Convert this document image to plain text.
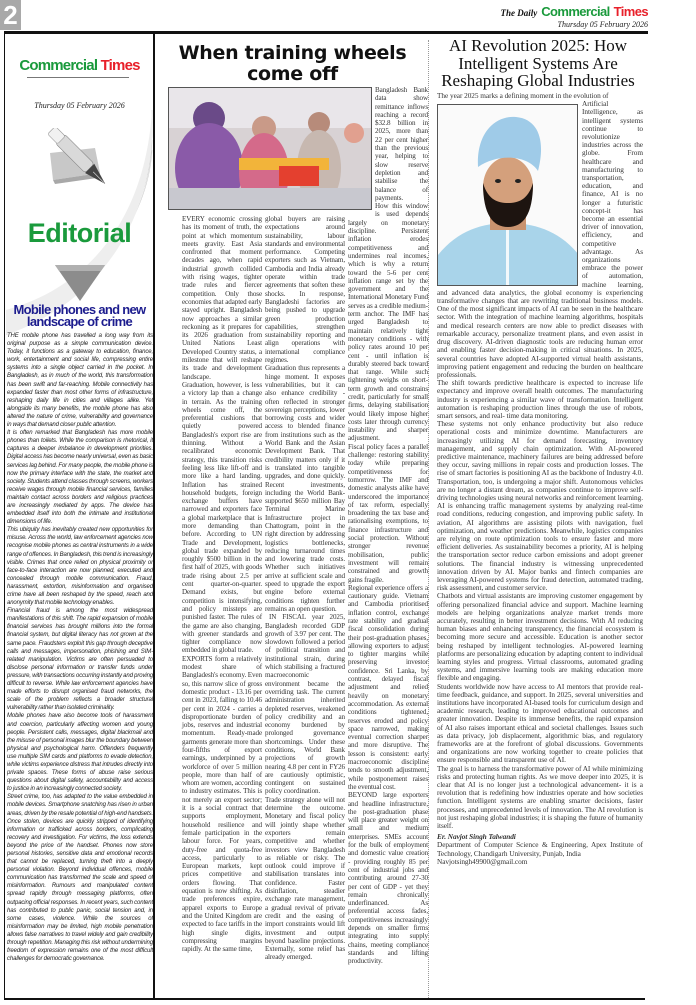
2	The Daily Commercial Times
Thursday 05 February 2026
Commercial Times
Thursday 05 February 2026
Editorial
Mobile phones and new landscape of crime

THE mobile phone has travelled a long way from its original purpose as a simple communication device. Today, it functions as a gateway to education, finance, work, entertainment and social life, compressing entire systems into a single object carried in the pocket. In Bangladesh, as in much of the world, this transformation has been swift and far-reaching. Mobile connectivity has expanded faster than most other forms of infrastructure, reshaping daily life in cities and villages alike. Yet alongside its many benefits, the mobile phone has also altered the nature of crime, vulnerability and governance in ways that demand closer public attention.

It is often remarked that Bangladesh has more mobile phones than toilets. While the comparison is rhetorical, it captures a deeper imbalance in development priorities. Digital access has become nearly universal, even as basic services lag behind. For many people, the mobile phone is now the primary interface with the state, the market and society. Students attend classes through screens, workers receive wages through mobile financial services, families maintain contact across borders and religious practices are increasingly mediated by apps. The device has embedded itself into both the intimate and institutional dimensions of life.

This ubiquity has inevitably created new opportunities for misuse. Across the world, law enforcement agencies now recognise mobile phones as central instruments in a wide range of offences. In Bangladesh, this trend is increasingly visible. Crimes that once relied on physical proximity or face-to-face interaction are now planned, executed and concealed through mobile communication. Fraud, harassment, extortion, misinformation and organised crime have all been reshaped by the speed, reach and anonymity that mobile technology enables.

Financial fraud is among the most widespread manifestations of this shift. The rapid expansion of mobile financial services has brought millions into the formal financial system, but digital literacy has not grown at the same pace. Fraudsters exploit this gap through deceptive calls and messages, impersonation, phishing and SIM-related manipulation. Victims are often persuaded to disclose personal information or transfer funds under pressure, with transactions occurring instantly and proving difficult to reverse. While law enforcement agencies have made efforts to disrupt organised fraud networks, the scale of the problem reflects a broader structural vulnerability rather than isolated criminality.

Mobile phones have also become tools of harassment and coercion, particularly affecting women and young people. Persistent calls, messages, digital blackmail and the misuse of personal images blur the boundary between physical and psychological harm. Offenders frequently use multiple SIM cards and platforms to evade detection, while victims experience distress that intrudes directly into private spaces. These forms of abuse raise serious questions about digital safety, accountability and access to justice in an increasingly connected society.

Street crime, too, has adapted to the value embedded in mobile devices. Smartphone snatching has risen in urban areas, driven by the resale potential of high-end handsets. Once stolen, devices are quickly stripped of identifying information or trafficked across borders, complicating recovery and investigation. For victims, the loss extends beyond the price of the handset. Phones now store personal histories, sensitive data and emotional records that cannot be replaced, turning theft into a deeply personal violation. Beyond individual offences, mobile communication has transformed the scale and speed of misinformation. Rumours and manipulated content spread rapidly through messaging platforms, often outpacing official responses. In recent years, such content has contributed to public panic, social tension and, in some cases, violence. While the sources of misinformation may be limited, high mobile penetration allows false narratives to travel widely and gain credibility through repetition. Managing this risk without undermining freedom of expression remains one of the most difficult challenges for democratic governance.

When training wheels come off

EVERY economic crossing has its moment of truth, the point at which momentum meets gravity. East Asia confronted that moment decades ago, when rapid industrial growth collided with rising wages, tighter trade rules and fiercer competition. Only those economies that adapted early stayed upright. Bangladesh now approaches a similar reckoning as it prepares for its 2026 graduation from United Nations Least Developed Country status, a milestone that will reshape its trade and development landscape.

Graduation, however, is less a victory lap than a change in terrain. As the training wheels come off, the preferential cushions that quietly powered Bangladesh's export rise are thinning. Without a recalibrated economic strategy, this transition risks feeling less like lift-off and more like a hard landing. Inflation has strained household budgets, foreign exchange buffers have narrowed and exporters face a global marketplace that is more demanding than before. According to UN Trade and Development, global trade expanded by roughly $500 billion in the first half of 2025, with goods trade rising about 2.5 per cent quarter-on-quarter. Demand exists, but competition is intensifying, and policy missteps are punished faster. The rules of the game are also changing, with greener standards and tighter compliance now embedded in global trade.

EXPORTS form a relatively modest share of Bangladesh's economy. Even so, this narrow slice of gross domestic product - 13.16 per cent in 2023, falling to 10.46 per cent in 2024 - carries a disproportionate burden of jobs, reserves and industrial momentum. Ready-made garments generate more than four-fifths of export earnings, underpinned by a workforce of over 5 million people, more than half of whom are women, according to industry estimates. This is not merely an export sector; it is a social contract that supports employment, household resilience and female participation in the labour force. For years, duty-free and quota-free access, particularly to European markets, kept prices competitive and orders flowing. That equation is now shifting. As trade preferences expire, apparel exports to Europe and the United Kingdom are expected to face tariffs in the high single digits, compressing margins rapidly. At the same time,

global buyers are raising expectations around sustainability, labour standards and environmental performance. Competing exporters such as Vietnam, Cambodia and India already operate within trade agreements that soften these shocks. In response, Bangladeshi factories are being pushed to upgrade green production capabilities, strengthen sustainability reporting and align operations with international compliance regimes.

Graduation thus represents a hinge moment. It exposes vulnerabilities, but it can also enhance credibility - often reflected in stronger sovereign perceptions, lower borrowing costs and wider access to blended finance from institutions such as the World Bank and the Asian Development Bank. That credibility matters only if it is translated into tangible upgrades, and done quickly. Recent investments, including the World Bank-supported $650 million Bay Terminal Marine Infrastructure project in Chattogram, point in the right direction by addressing logistics bottlenecks, reducing turnaround times and lowering trade costs. Whether such initiatives arrive at sufficient scale and speed to upgrade the export engine before external conditions tighten further remains an open question.

IN FISCAL year 2025, Bangladesh recorded GDP growth of 3.97 per cent. The slowdown followed a period of political transition and institutional strain, during which stabilising a fractured macroeconomic environment became the overriding task. The current administration inherited depleted reserves, weakened policy credibility and an economy burdened by prolonged governance shortcomings. Under these conditions, World Bank projections of growth nearing 4.8 per cent in FY26 are cautiously optimistic, contingent on sustained policy coordination.

Trade strategy alone will not determine the outcome. Monetary and fiscal policy will jointly shape whether exporters remain competitive and whether investors view Bangladesh as reliable or risky. The outlook could improve if stabilisation translates into confidence. Faster disinflation, steadier exchange rate management, a gradual revival of private credit and the easing of import constraints would lift investment and output beyond baseline projections. Externally, some relief has already emerged.

Bangladesh Bank data show remittance inflows reaching a record $32.8 billion in 2025, more than 22 per cent higher than the previous year, helping to slow reserve depletion and stabilise the balance of payments.

How this window is used depends largely on monetary discipline. Persistent inflation erodes competitiveness and undermines real incomes, which is why a return toward the 5-6 per cent inflation range set by the government and the International Monetary Fund serves as a credible medium-term anchor. The IMF has urged Bangladesh to maintain relatively tight monetary conditions - with policy rates around 10 per cent - until inflation is durably steered back toward that range. While such tightening weighs on short-term growth and constrains credit, particularly for small firms, delaying stabilisation would likely impose higher costs later through currency instability and sharper adjustment.

Fiscal policy faces a parallel challenge: restoring stability today while preparing competitiveness for tomorrow. The IMF and domestic analysts alike have underscored the importance of tax reform, especially broadening the tax base and rationalising exemptions, to finance infrastructure and social protection. Without stronger revenue mobilisation, public investment will remain constrained and growth gains fragile.

Regional experience offers a cautionary guide. Vietnam and Cambodia prioritised inflation control, exchange rate stability and gradual fiscal consolidation during their post-graduation phases, allowing exporters to adjust to tighter margins while preserving investor confidence. Sri Lanka, by contrast, delayed fiscal adjustment and relied heavily on monetary accommodation. As external conditions tightened, reserves eroded and policy space narrowed, making eventual correction sharper and more disruptive. The lesson is consistent: early macroeconomic discipline tends to smooth adjustment, while postponement raises the eventual cost.

BEYOND large exporters and headline infrastructure, the post-graduation phase will place greater weight on small and medium enterprises. SMEs account for the bulk of employment and domestic value creation - providing roughly 85 per cent of industrial jobs and contributing around 27-30 per cent of GDP - yet they remain chronically underfinanced. As preferential access fades, competitiveness increasingly depends on smaller firms integrating into supply chains, meeting compliance standards and lifting productivity.

AI Revolution 2025: How Intelligent Systems Are Reshaping Global Industries

The year 2025 marks a defining moment in the evolution of

Artificial Intelligence, as intelligent systems continue to revolutionize industries across the globe. From healthcare and manufacturing to transportation, education, and finance, AI is no longer a futuristic concept-it has become an essential driver of innovation, efficiency, and competitive advantage. As organizations embrace the power of automation, machine learning, and advanced data analytics, the global economy is experiencing transformative changes that are rewriting traditional business models. One of the most significant impacts of AI can be seen in the healthcare sector. With the integration of machine learning algorithms, hospitals and medical research centers are now able to predict diseases with remarkable accuracy, personalize treatment plans, and even assist in drug discovery. AI-driven diagnostic tools are reducing human error and enabling faster decision-making in critical situations. In 2025, several countries have adopted AI-supported virtual health assistants, improving patient engagement and reducing the burden on healthcare professionals.

The shift towards predictive healthcare is expected to increase life expectancy and improve overall health outcomes. The manufacturing industry is experiencing a similar wave of transformation. Intelligent automation is reshaping production lines through the use of robots, smart sensors, and real- time data monitoring.

These systems not only enhance productivity but also reduce operational costs and minimize downtime. Manufacturers are increasingly utilizing AI for demand forecasting, inventory management, and supply chain optimization. With AI-powered predictive maintenance, machinery failures are being addressed before they occur, saving millions in repair costs and production losses. The rise of smart factories is positioning AI as the backbone of Industry 4.0. Transportation, too, is undergoing a major shift. Autonomous vehicles are no longer a distant dream, as companies continue to improve self- driving technologies using neural networks and reinforcement learning. AI is enhancing traffic management systems by analyzing real-time road conditions, reducing congestion, and improving public safety. In aviation, AI algorithms are assisting pilots with navigation, fuel optimization, and weather predictions. Meanwhile, logistics companies are relying on route optimization tools to ensure faster and more efficient deliveries. As sustainability becomes a priority, AI is helping the transportation sector reduce carbon emissions and adopt greener solutions. The financial industry is witnessing unprecedented innovation driven by AI. Major banks and fintech companies are leveraging AI-powered systems for fraud detection, automated trading, risk assessment, and customer service.

Chatbots and virtual assistants are improving customer engagement by offering personalized financial advice and support. Machine learning models are helping organizations analyze market trends more accurately, resulting in better investment decisions. With AI reducing human biases and enhancing transparency, the financial ecosystem is becoming more secure and accessible. Education is another sector being reshaped by intelligent technologies. AI-powered learning platforms are personalizing education by adapting content to individual learning styles and progress. Virtual classrooms, automated grading systems, and immersive learning tools are making education more flexible and engaging.

Students worldwide now have access to AI mentors that provide real-time feedback, guidance, and support. In 2025, several universities and institutions have incorporated AI-based tools for curriculum design and academic research, leading to improved educational outcomes and greater innovation. Despite its immense benefits, the rapid expansion of AI also raises important ethical and societal challenges. Issues such as data privacy, job displacement, algorithmic bias, and regulatory frameworks are at the forefront of global discussions. Governments and organizations are now working together to create policies that ensure responsible and transparent use of AI.

The goal is to harness the transformative power of AI while minimizing risks and protecting human rights. As we move deeper into 2025, it is clear that AI is no longer just a technological advancement- it is a revolution that is redefining how industries operate and how societies function. Intelligent systems are enabling smarter decisions, faster processes, and unprecedented levels of innovation. The AI revolution is not just reshaping global industries; it is shaping the future of humanity itself.

Er. Navjot Singh Talwandi

Department of Computer Science & Engineering, Apex Institute of Technology, Chandigarh University, Punjab, India

Navjotsingh49900@gmail.com
